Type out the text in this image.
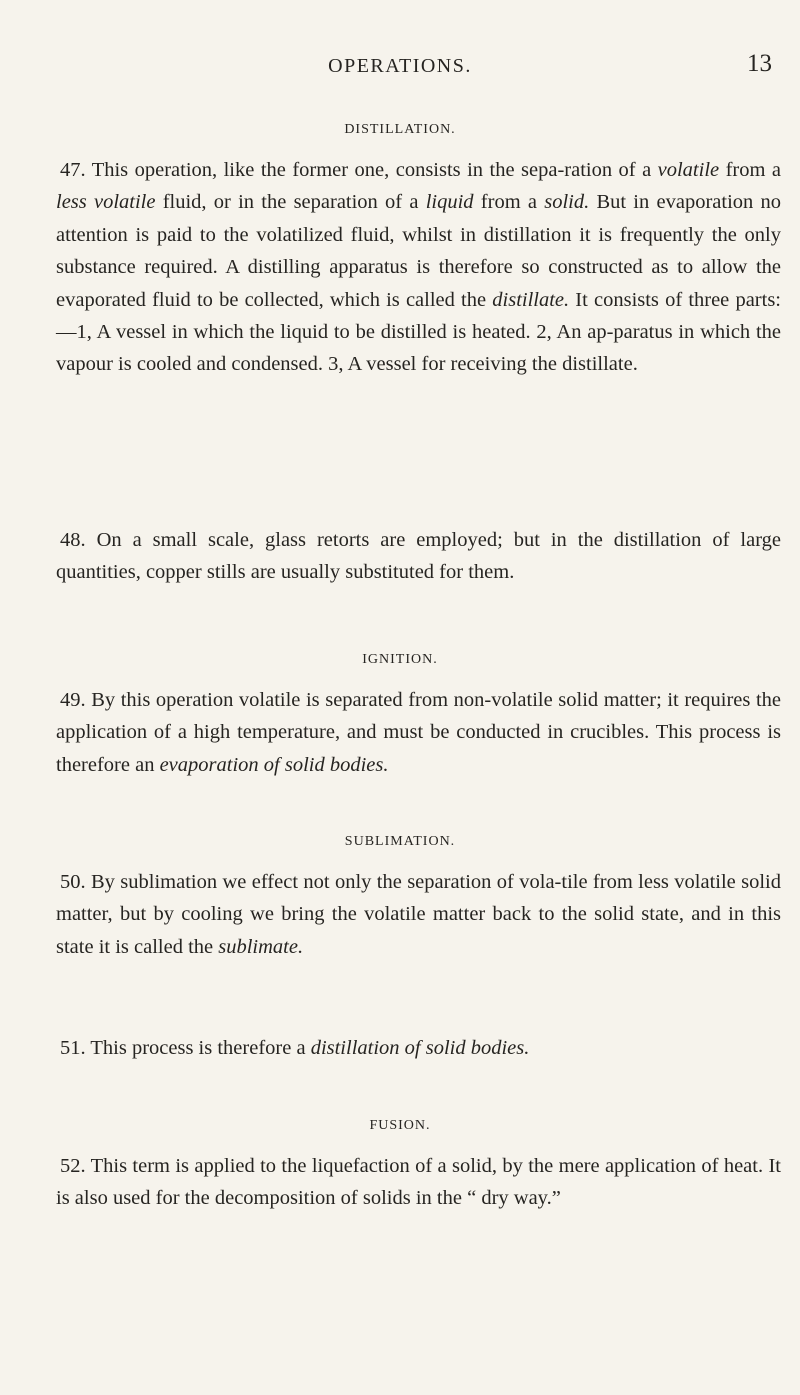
OPERATIONS.	13
DISTILLATION.

47. This operation, like the former one, consists in the sepa-ration of a volatile from a less volatile fluid, or in the separation of a liquid from a solid. But in evaporation no attention is paid to the volatilized fluid, whilst in distillation it is frequently the only substance required. A distilling apparatus is therefore so constructed as to allow the evaporated fluid to be collected, which is called the distillate. It consists of three parts:—1, A vessel in which the liquid to be distilled is heated. 2, An ap-paratus in which the vapour is cooled and condensed. 3, A vessel for receiving the distillate.

48. On a small scale, glass retorts are employed; but in the distillation of large quantities, copper stills are usually substituted for them.

IGNITION.

49. By this operation volatile is separated from non-volatile solid matter; it requires the application of a high temperature, and must be conducted in crucibles. This process is therefore an evaporation of solid bodies.

SUBLIMATION.

50. By sublimation we effect not only the separation of vola-tile from less volatile solid matter, but by cooling we bring the volatile matter back to the solid state, and in this state it is called the sublimate.

51. This process is therefore a distillation of solid bodies.

FUSION.

52. This term is applied to the liquefaction of a solid, by the mere application of heat. It is also used for the decomposition of solids in the “ dry way.”
